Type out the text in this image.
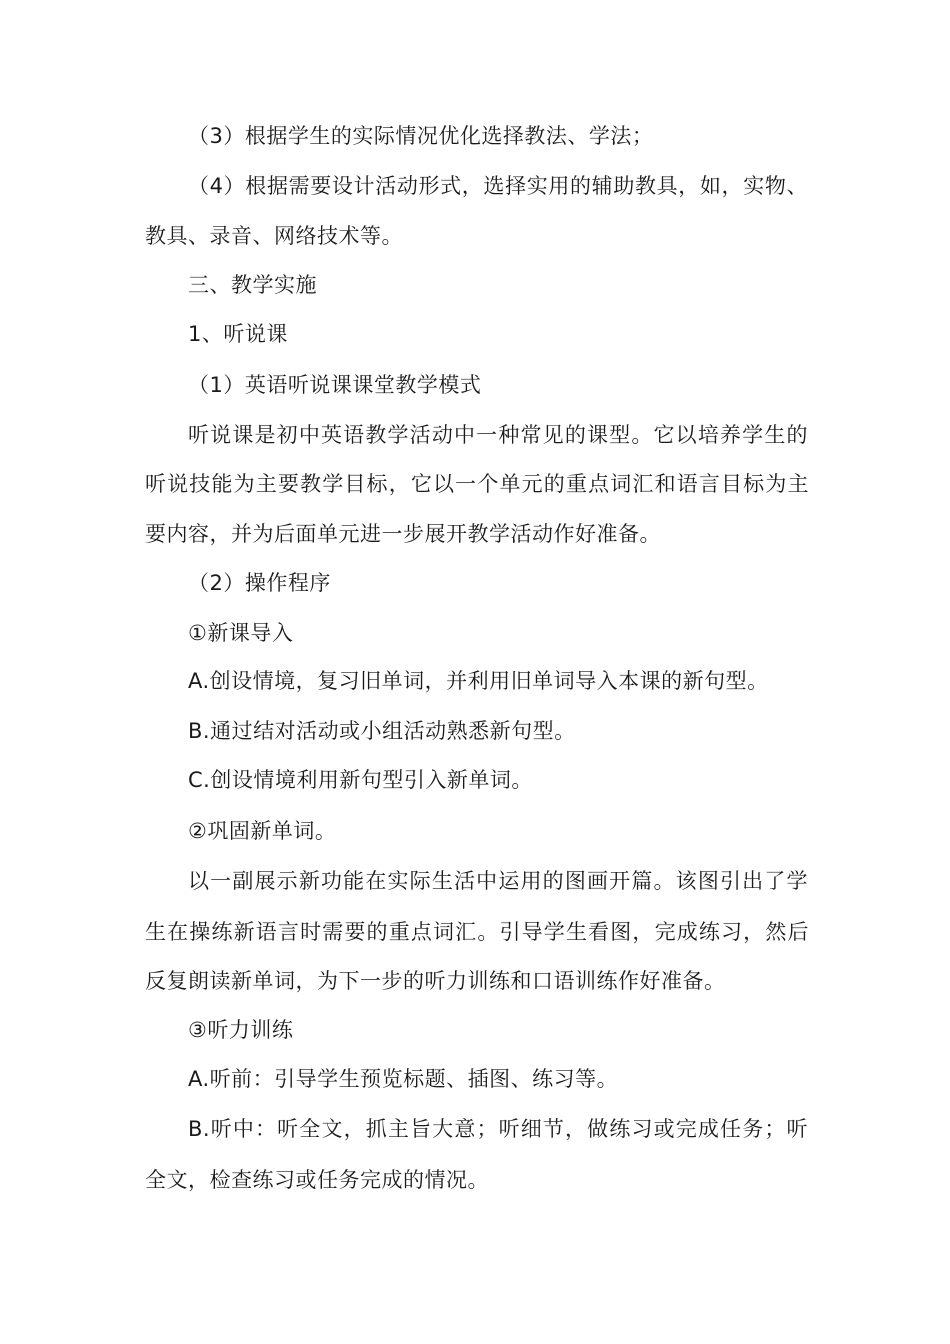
（3）根据学生的实际情况优化选择教法、学法；
（4）根据需要设计活动形式，选择实用的辅助教具，如，实物、
教具、录音、网络技术等。
三、教学实施
1、听说课
（1）英语听说课课堂教学模式
听说课是初中英语教学活动中一种常见的课型。它以培养学生的
听说技能为主要教学目标，它以一个单元的重点词汇和语言目标为主
要内容，并为后面单元进一步展开教学活动作好准备。
（2）操作程序
①新课导入
A.创设情境，复习旧单词，并利用旧单词导入本课的新句型。
B.通过结对活动或小组活动熟悉新句型。
C.创设情境利用新句型引入新单词。
②巩固新单词。
以一副展示新功能在实际生活中运用的图画开篇。该图引出了学
生在操练新语言时需要的重点词汇。引导学生看图，完成练习，然后
反复朗读新单词，为下一步的听力训练和口语训练作好准备。
③听力训练
A.听前：引导学生预览标题、插图、练习等。
B.听中：听全文，抓主旨大意；听细节，做练习或完成任务；听
全文，检查练习或任务完成的情况。
